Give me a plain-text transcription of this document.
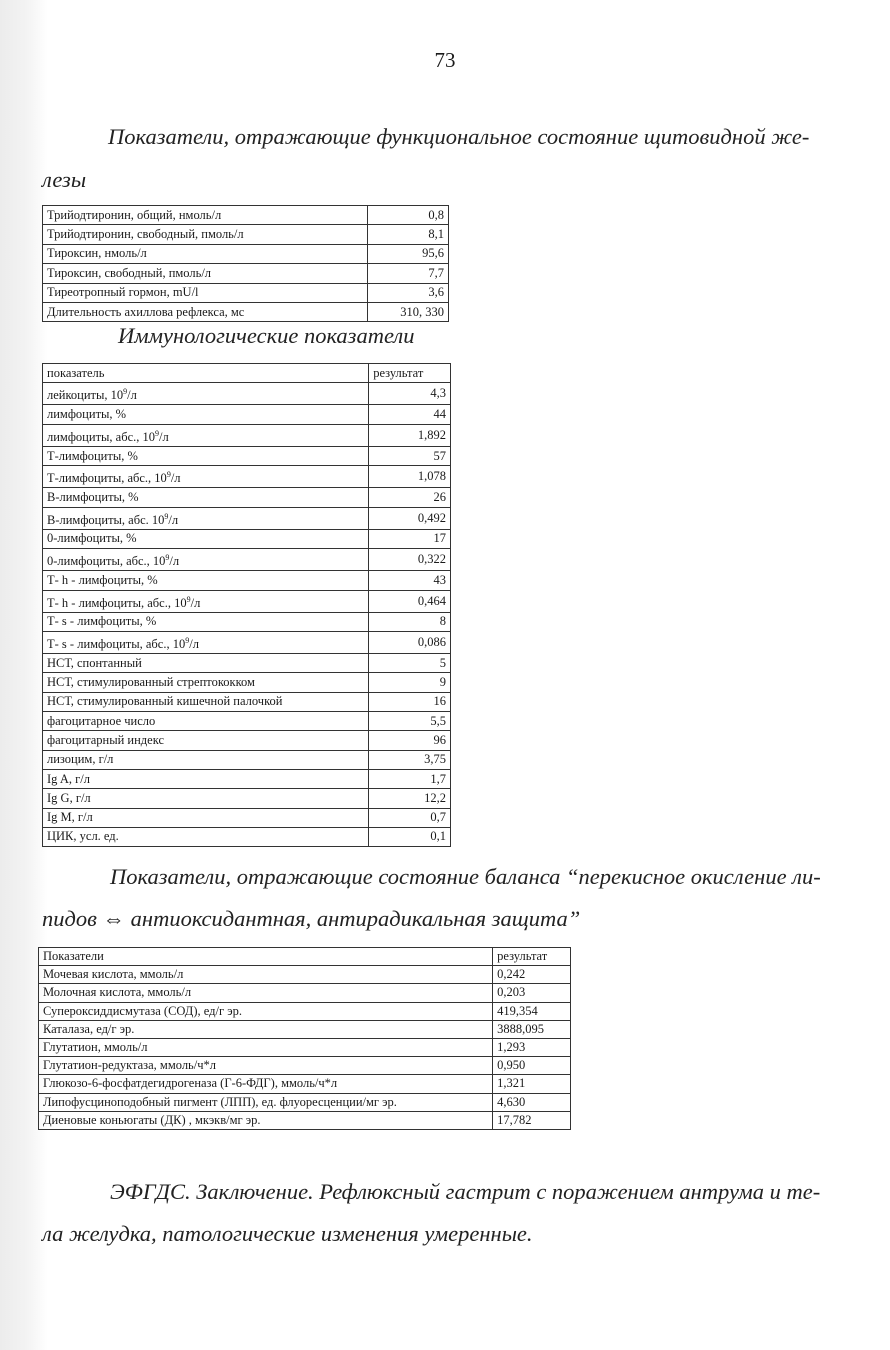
73

Показатели, отражающие функциональное состояние щитовидной же-

лезы

Трийодтиронин, общий, нмоль/л	0,8
Трийодтиронин, свободный, пмоль/л	8,1
Тироксин, нмоль/л	95,6
Тироксин, свободный, пмоль/л	7,7
Тиреотропный гормон, mU/l	3,6
Длительность ахиллова рефлекса, мс	310, 330
Иммунологические показатели
показатель	результат
лейкоциты, $10^9/л$	4,3
лимфоциты, %	44
лимфоциты, абс., $10^9/л$	1,892
Т-лимфоциты, %	57
Т-лимфоциты, абс., $10^9/л$	1,078
В-лимфоциты, %	26
В-лимфоциты, абс. $10^9/л$	0,492
0-лимфоциты, %	17
0-лимфоциты, абс., $10^9/л$	0,322
Т- h - лимфоциты, %	43
Т- h - лимфоциты, абс., $10^9/л$	0,464
Т- s - лимфоциты, %	8
Т- s - лимфоциты, абс., $10^9/л$	0,086
НСТ, спонтанный	5
НСТ, стимулированный стрептококком	9
НСТ, стимулированный кишечной палочкой	16
фагоцитарное число	5,5
фагоцитарный индекс	96
лизоцим, г/л	3,75
Ig A, г/л	1,7
Ig G, г/л	12,2
Ig M, г/л	0,7
ЦИК, усл. ед.	0,1

Показатели, отражающие состояние баланса “перекисное окисление ли-

пидов ⇔ антиоксидантная, антирадикальная защита”

Показатели	результат
Мочевая кислота, ммоль/л	0,242
Молочная кислота, ммоль/л	0,203
Супероксиддисмутаза (СОД), ед/г эр.	419,354
Каталаза, ед/г эр.	3888,095
Глутатион, ммоль/л	1,293
Глутатион-редуктаза, ммоль/ч*л	0,950
Глюкозо-6-фосфатдегидрогеназа (Г-6-ФДГ), ммоль/ч*л	1,321
Липофусциноподобный пигмент (ЛПП), ед. флуоресценции/мг эр.	4,630
Диеновые коньюгаты (ДК) , мкэкв/мг эр.	17,782

ЭФГДС. Заключение. Рефлюксный гастрит с поражением антрума и те-

ла желудка, патологические изменения умеренные.
